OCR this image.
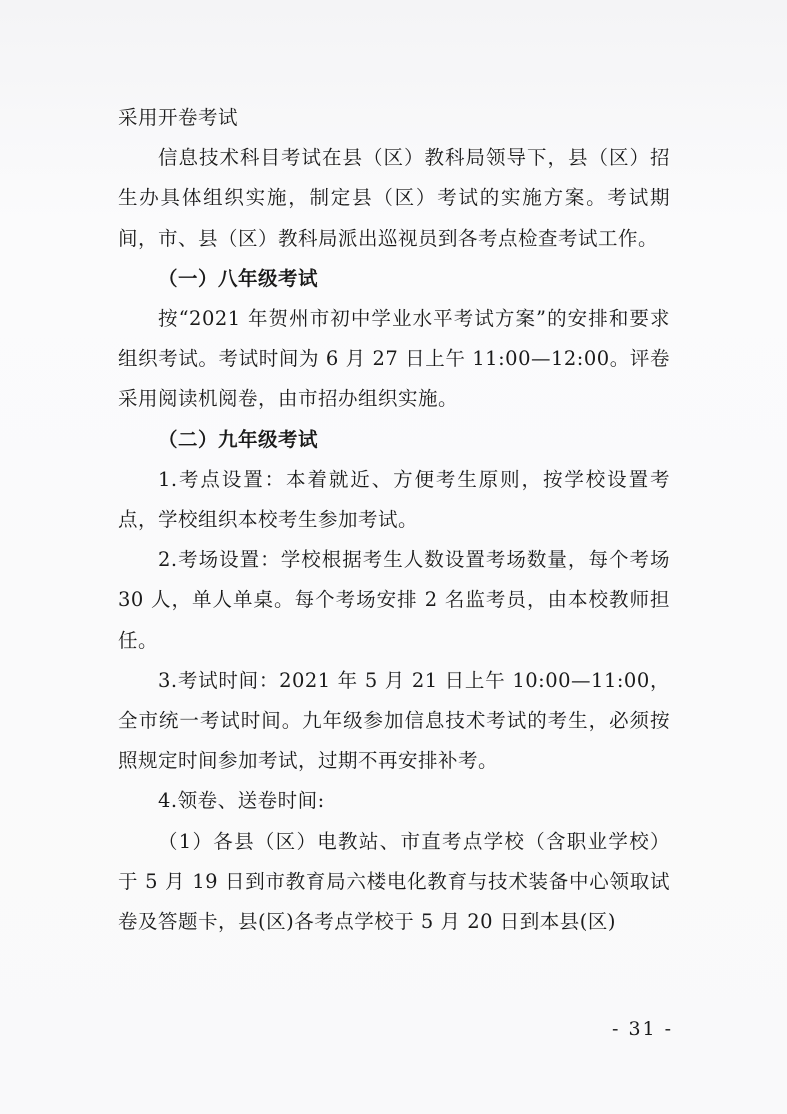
采用开卷考试

信息技术科目考试在县（区）教科局领导下，县（区）招生办具体组织实施，制定县（区）考试的实施方案。考试期间，市、县（区）教科局派出巡视员到各考点检查考试工作。

（一）八年级考试

按“2021 年贺州市初中学业水平考试方案”的安排和要求组织考试。考试时间为 6 月 27 日上午 11:00—12:00。评卷采用阅读机阅卷，由市招办组织实施。

（二）九年级考试

1.考点设置：本着就近、方便考生原则，按学校设置考点，学校组织本校考生参加考试。

2.考场设置：学校根据考生人数设置考场数量，每个考场 30 人，单人单桌。每个考场安排 2 名监考员，由本校教师担任。

3.考试时间：2021 年 5 月 21 日上午 10:00—11:00，全市统一考试时间。九年级参加信息技术考试的考生，必须按照规定时间参加考试，过期不再安排补考。

4.领卷、送卷时间:

（1）各县（区）电教站、市直考点学校（含职业学校）于 5 月 19 日到市教育局六楼电化教育与技术装备中心领取试卷及答题卡，县(区)各考点学校于 5 月 20 日到本县(区)

- 31 -
